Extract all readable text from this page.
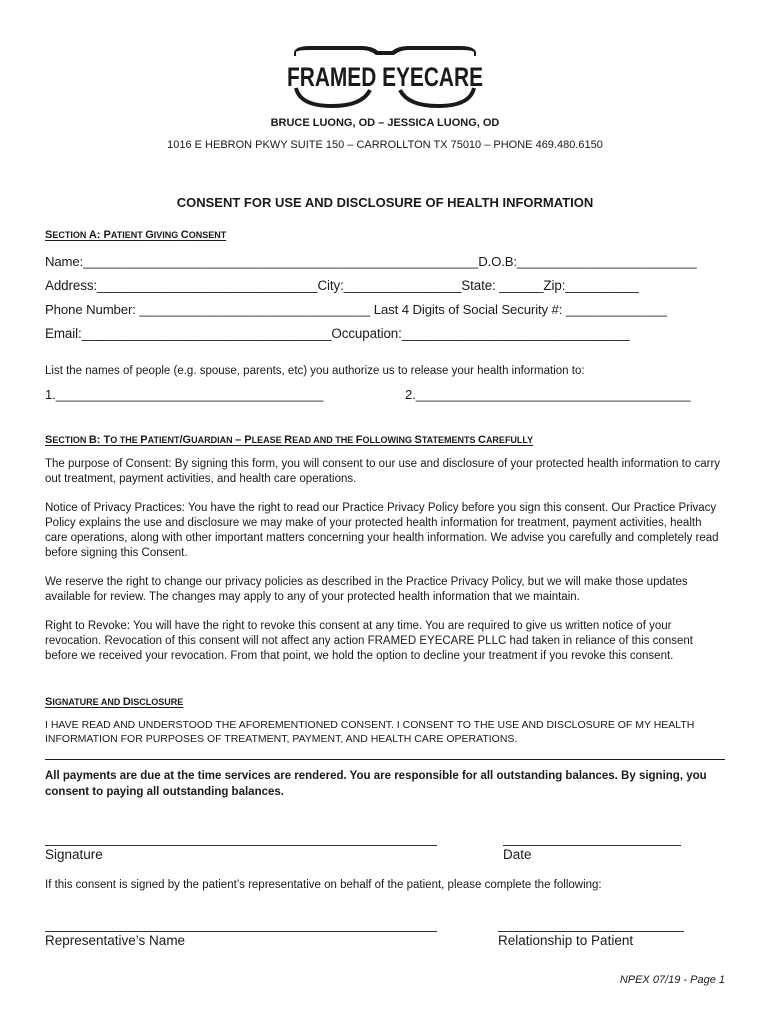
FRAMED EYECARE
BRUCE LUONG, OD – JESSICA LUONG, OD
1016 E HEBRON PKWY SUITE 150 – CARROLLTON TX 75010 – PHONE 469.480.6150
CONSENT FOR USE AND DISCLOSURE OF HEALTH INFORMATION
SECTION A: PATIENT GIVING CONSENT
Name:_______________________________________________________D.O.B:_________________________
Address:______________________________City:________________State: ______Zip:__________
Phone Number: ________________________________ Last 4 Digits of Social Security #: ______________
Email:__________________________________Occupation:_______________________________
List the names of people (e.g. spouse, parents, etc) you authorize us to release your health information to:
1._____________________________________	2.______________________________________
SECTION B: TO THE PATIENT/GUARDIAN – PLEASE READ AND THE FOLLOWING STATEMENTS CAREFULLY
The purpose of Consent: By signing this form, you will consent to our use and disclosure of your protected health information to carry out treatment, payment activities, and health care operations.
Notice of Privacy Practices: You have the right to read our Practice Privacy Policy before you sign this consent. Our Practice Privacy Policy explains the use and disclosure we may make of your protected health information for treatment, payment activities, health care operations, along with other important matters concerning your health information. We advise you carefully and completely read before signing this Consent.
We reserve the right to change our privacy policies as described in the Practice Privacy Policy, but we will make those updates available for review. The changes may apply to any of your protected health information that we maintain.
Right to Revoke: You will have the right to revoke this consent at any time. You are required to give us written notice of your revocation. Revocation of this consent will not affect any action FRAMED EYECARE PLLC had taken in reliance of this consent before we received your revocation. From that point, we hold the option to decline your treatment if you revoke this consent.
SIGNATURE AND DISCLOSURE
I HAVE READ AND UNDERSTOOD THE AFOREMENTIONED CONSENT. I CONSENT TO THE USE AND DISCLOSURE OF MY HEALTH INFORMATION FOR PURPOSES OF TREATMENT, PAYMENT, AND HEALTH CARE OPERATIONS.
All payments are due at the time services are rendered. You are responsible for all outstanding balances. By signing, you consent to paying all outstanding balances.
Signature	Date
If this consent is signed by the patient’s representative on behalf of the patient, please complete the following:
Representative’s Name	Relationship to Patient
NPEX 07/19 - Page 1
